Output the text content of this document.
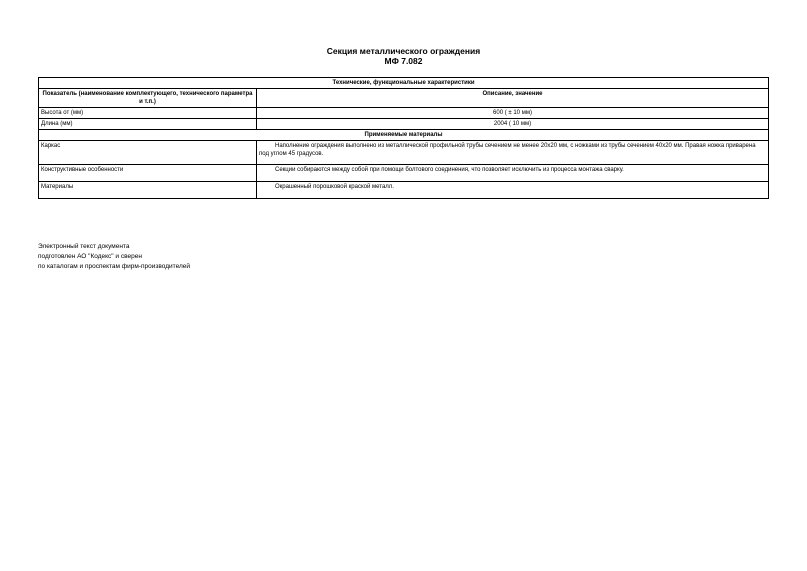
Секция металлического ограждения
МФ 7.082
Технические, функциональные характеристики	
Показатель (наименование комплектующего, технического параметра и т.п.)	Описание, значение
Высота от (мм)	600 ( ± 10 мм)
Длина (мм)	2004 ( 10 мм)
Применяемые материалы	
Каркас	Наполнение ограждения выполнено из металлической профильной трубы сечением не менее 20х20 мм, с ножками из трубы сечением 40х20 мм. Правая ножка приварена под углом 45 градусов.
Конструктивные особенности	Секции собираются между собой при помощи болтового соединения, что позволяет исключить из процесса монтажа сварку.
Материалы	Окрашенный порошковой краской металл.
Электронный текст документа
подготовлен АО "Кодекс" и сверен
по каталогам и проспектам фирм-производителей
